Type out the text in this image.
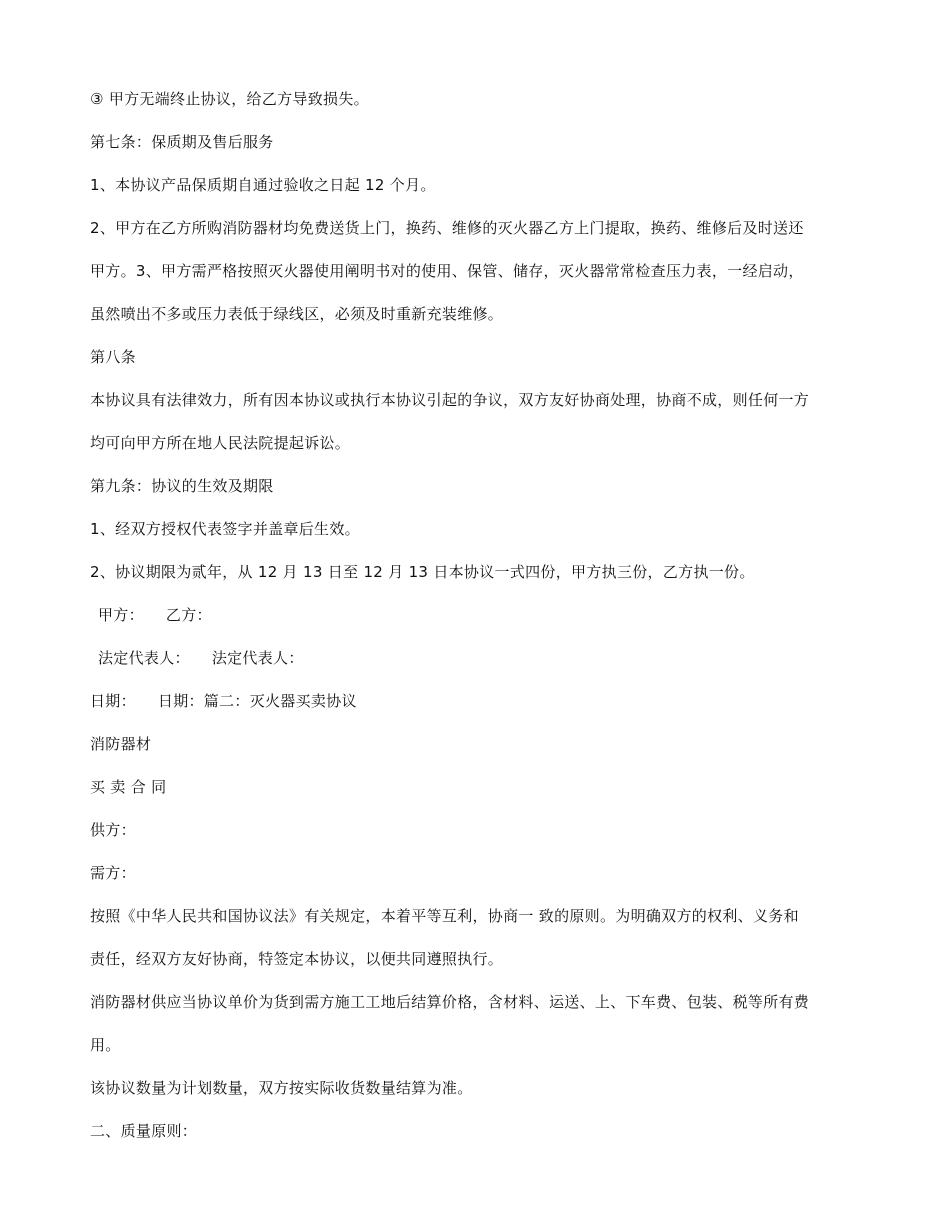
③ 甲方无端终止协议，给乙方导致损失。
第七条：保质期及售后服务
1、本协议产品保质期自通过验收之日起 12 个月。
2、甲方在乙方所购消防器材均免费送货上门，换药、维修的灭火器乙方上门提取，换药、维修后及时送还
甲方。3、甲方需严格按照灭火器使用阐明书对的使用、保管、储存，灭火器常常检查压力表，一经启动，
虽然喷出不多或压力表低于绿线区，必须及时重新充装维修。
第八条
本协议具有法律效力，所有因本协议或执行本协议引起的争议，双方友好协商处理，协商不成，则任何一方
均可向甲方所在地人民法院提起诉讼。
第九条：协议的生效及期限
1、经双方授权代表签字并盖章后生效。
2、协议期限为贰年，从 12 月 13 日至 12 月 13 日本协议一式四份，甲方执三份，乙方执一份。
甲方： 乙方：
法定代表人： 法定代表人：
日期： 日期：篇二：灭火器买卖协议
消防器材
买 卖 合 同
供方：
需方：
按照《中华人民共和国协议法》有关规定，本着平等互利，协商一 致的原则。为明确双方的权利、义务和
责任，经双方友好协商，特签定本协议，以便共同遵照执行。
消防器材供应当协议单价为货到需方施工工地后结算价格，含材料、运送、上、下车费、包装、税等所有费
用。
该协议数量为计划数量，双方按实际收货数量结算为准。
二、质量原则：
